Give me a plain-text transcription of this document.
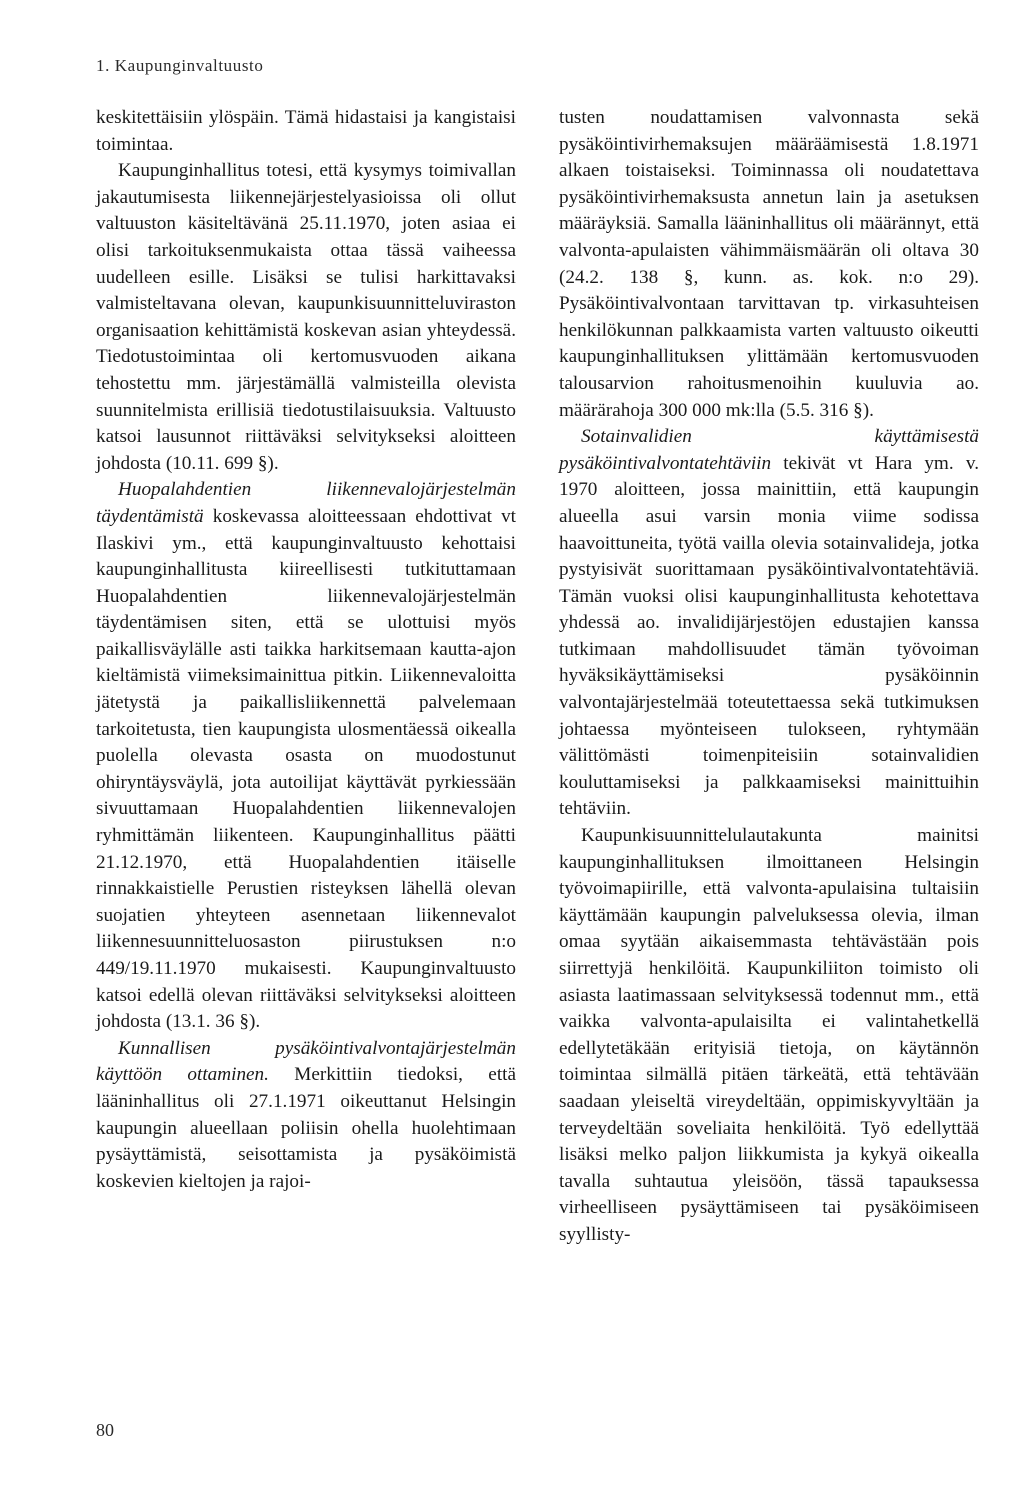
1. Kaupunginvaltuusto

keskitettäisiin ylöspäin. Tämä hidastaisi ja kangistaisi toimintaa.

Kaupunginhallitus totesi, että kysymys toimivallan jakautumisesta liikennejärjestelyasioissa oli ollut valtuuston käsiteltävänä 25.11.1970, joten asiaa ei olisi tarkoituksenmukaista ottaa tässä vaiheessa uudelleen esille. Lisäksi se tulisi harkittavaksi valmisteltavana olevan, kaupunkisuunnitteluviraston organisaation kehittämistä koskevan asian yhteydessä. Tiedotustoimintaa oli kertomusvuoden aikana tehostettu mm. järjestämällä valmisteilla olevista suunnitelmista erillisiä tiedotustilaisuuksia. Valtuusto katsoi lausunnot riittäväksi selvitykseksi aloitteen johdosta (10.11. 699 §).

Huopalahdentien liikennevalojärjestelmän täydentämistä koskevassa aloitteessaan ehdottivat vt Ilaskivi ym., että kaupunginvaltuusto kehottaisi kaupunginhallitusta kiireellisesti tutkituttamaan Huopalahdentien liikennevalojärjestelmän täydentämisen siten, että se ulottuisi myös paikallisväylälle asti taikka harkitsemaan kautta-ajon kieltämistä viimeksimainittua pitkin. Liikennevaloitta jätetystä ja paikallisliikennettä palvelemaan tarkoitetusta, tien kaupungista ulosmentäessä oikealla puolella olevasta osasta on muodostunut ohiryntäysväylä, jota autoilijat käyttävät pyrkiessään sivuuttamaan Huopalahdentien liikennevalojen ryhmittämän liikenteen. Kaupunginhallitus päätti 21.12.1970, että Huopalahdentien itäiselle rinnakkaistielle Perustien risteyksen lähellä olevan suojatien yhteyteen asennetaan liikennevalot liikennesuunnitteluosaston piirustuksen n:o 449/19.11.1970 mukaisesti. Kaupunginvaltuusto katsoi edellä olevan riittäväksi selvitykseksi aloitteen johdosta (13.1. 36 §).

Kunnallisen pysäköintivalvontajärjestelmän käyttöön ottaminen. Merkittiin tiedoksi, että lääninhallitus oli 27.1.1971 oikeuttanut Helsingin kaupungin alueellaan poliisin ohella huolehtimaan pysäyttämistä, seisottamista ja pysäköimistä koskevien kieltojen ja rajoi-

tusten noudattamisen valvonnasta sekä pysäköintivirhemaksujen määräämisestä 1.8.1971 alkaen toistaiseksi. Toiminnassa oli noudatettava pysäköintivirhemaksusta annetun lain ja asetuksen määräyksiä. Samalla lääninhallitus oli määrännyt, että valvonta-apulaisten vähimmäismäärän oli oltava 30 (24.2. 138 §, kunn. as. kok. n:o 29). Pysäköintivalvontaan tarvittavan tp. virkasuhteisen henkilökunnan palkkaamista varten valtuusto oikeutti kaupunginhallituksen ylittämään kertomusvuoden talousarvion rahoitusmenoihin kuuluvia ao. määrärahoja 300 000 mk:lla (5.5. 316 §).

Sotainvalidien käyttämisestä pysäköintivalvontatehtäviin tekivät vt Hara ym. v. 1970 aloitteen, jossa mainittiin, että kaupungin alueella asui varsin monia viime sodissa haavoittuneita, työtä vailla olevia sotainvalideja, jotka pystyisivät suorittamaan pysäköintivalvontatehtäviä. Tämän vuoksi olisi kaupunginhallitusta kehotettava yhdessä ao. invalidijärjestöjen edustajien kanssa tutkimaan mahdollisuudet tämän työvoiman hyväksikäyttämiseksi pysäköinnin valvontajärjestelmää toteutettaessa sekä tutkimuksen johtaessa myönteiseen tulokseen, ryhtymään välittömästi toimenpiteisiin sotainvalidien kouluttamiseksi ja palkkaamiseksi mainittuihin tehtäviin.

Kaupunkisuunnittelulautakunta mainitsi kaupunginhallituksen ilmoittaneen Helsingin työvoimapiirille, että valvonta-apulaisina tultaisiin käyttämään kaupungin palveluksessa olevia, ilman omaa syytään aikaisemmasta tehtävästään pois siirrettyjä henkilöitä. Kaupunkiliiton toimisto oli asiasta laatimassaan selvityksessä todennut mm., että vaikka valvonta-apulaisilta ei valintahetkellä edellytetäkään erityisiä tietoja, on käytännön toimintaa silmällä pitäen tärkeätä, että tehtävään saadaan yleiseltä vireydeltään, oppimiskyvyltään ja terveydeltään soveliaita henkilöitä. Työ edellyttää lisäksi melko paljon liikkumista ja kykyä oikealla tavalla suhtautua yleisöön, tässä tapauksessa virheelliseen pysäyttämiseen tai pysäköimiseen syyllisty-

80
